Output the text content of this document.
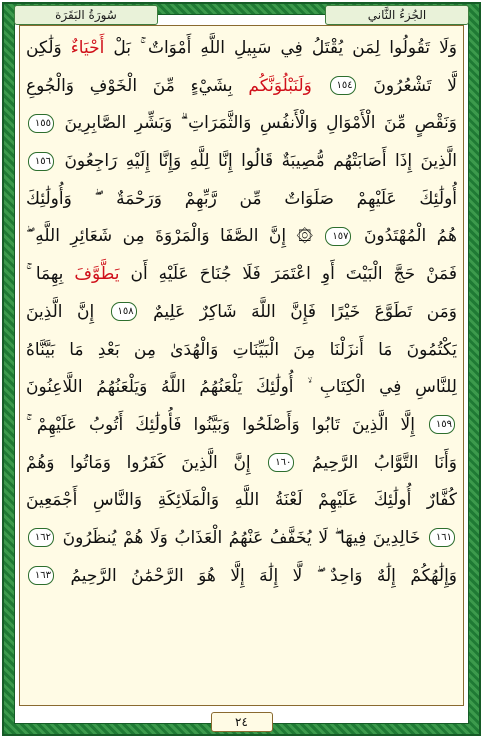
سُورَةُ البَقَرَة	الجُزءُ الثَّاني
وَلَا تَقُولُوا لِمَن يُقْتَلُ فِي سَبِيلِ اللَّهِ أَمْوَاتٌ ۚ بَلْ أَحْيَاءٌ وَلَٰكِن
لَّا تَشْعُرُونَ ١٥٤ وَلَنَبْلُوَنَّكُم بِشَيْءٍ مِّنَ الْخَوْفِ وَالْجُوعِ
وَنَقْصٍ مِّنَ الْأَمْوَالِ وَالْأَنفُسِ وَالثَّمَرَاتِ ۗ وَبَشِّرِ الصَّابِرِينَ ١٥٥
الَّذِينَ إِذَا أَصَابَتْهُم مُّصِيبَةٌ قَالُوا إِنَّا لِلَّهِ وَإِنَّا إِلَيْهِ رَاجِعُونَ ١٥٦
أُولَٰئِكَ عَلَيْهِمْ صَلَوَاتٌ مِّن رَّبِّهِمْ وَرَحْمَةٌ ۖ وَأُولَٰئِكَ
هُمُ الْمُهْتَدُونَ ١٥٧ ۞ إِنَّ الصَّفَا وَالْمَرْوَةَ مِن شَعَائِرِ اللَّهِ ۖ
فَمَنْ حَجَّ الْبَيْتَ أَوِ اعْتَمَرَ فَلَا جُنَاحَ عَلَيْهِ أَن يَطَّوَّفَ بِهِمَا ۚ
وَمَن تَطَوَّعَ خَيْرًا فَإِنَّ اللَّهَ شَاكِرٌ عَلِيمٌ ١٥٨ إِنَّ الَّذِينَ
يَكْتُمُونَ مَا أَنزَلْنَا مِنَ الْبَيِّنَاتِ وَالْهُدَىٰ مِن بَعْدِ مَا بَيَّنَّاهُ
لِلنَّاسِ فِي الْكِتَابِ ۙ أُولَٰئِكَ يَلْعَنُهُمُ اللَّهُ وَيَلْعَنُهُمُ اللَّاعِنُونَ
١٥٩ إِلَّا الَّذِينَ تَابُوا وَأَصْلَحُوا وَبَيَّنُوا فَأُولَٰئِكَ أَتُوبُ عَلَيْهِمْ ۚ
وَأَنَا التَّوَّابُ الرَّحِيمُ ١٦٠ إِنَّ الَّذِينَ كَفَرُوا وَمَاتُوا وَهُمْ
كُفَّارٌ أُولَٰئِكَ عَلَيْهِمْ لَعْنَةُ اللَّهِ وَالْمَلَائِكَةِ وَالنَّاسِ أَجْمَعِينَ
١٦١ خَالِدِينَ فِيهَا ۖ لَا يُخَفَّفُ عَنْهُمُ الْعَذَابُ وَلَا هُمْ يُنظَرُونَ ١٦٢
وَإِلَٰهُكُمْ إِلَٰهٌ وَاحِدٌ ۖ لَّا إِلَٰهَ إِلَّا هُوَ الرَّحْمَٰنُ الرَّحِيمُ ١٦٣
٢٤
